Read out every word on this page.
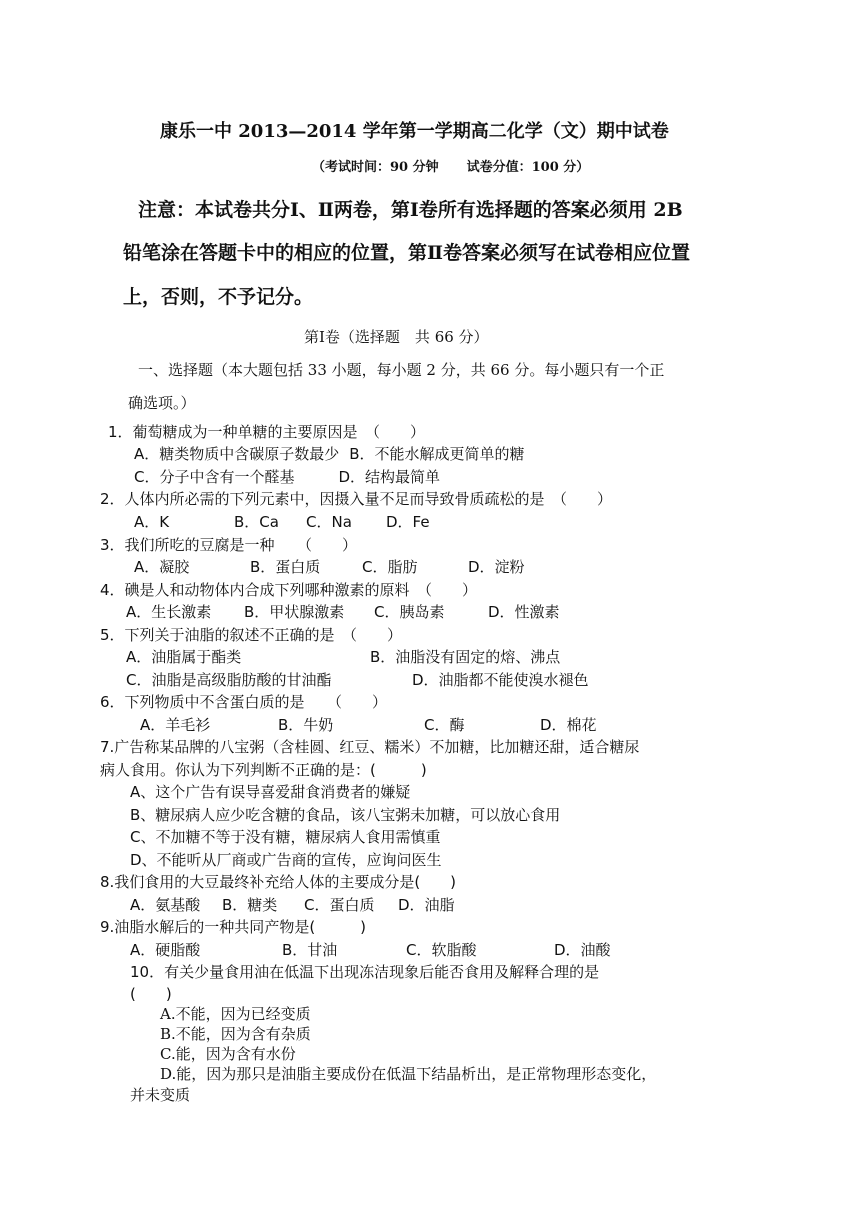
康乐一中 2013—2014 学年第一学期高二化学（文）期中试卷
（考试时间：90 分钟 试卷分值：100 分）
注意：本试卷共分Ⅰ、Ⅱ两卷，第Ⅰ卷所有选择题的答案必须用 2B
铅笔涂在答题卡中的相应的位置，第Ⅱ卷答案必须写在试卷相应位置
上，否则，不予记分。
第Ⅰ卷（选择题　共 66 分）
一、选择题（本大题包括 33 小题，每小题 2 分，共 66 分。每小题只有一个正
确选项。）
1．葡萄糖成为一种单糖的主要原因是　（　　）
A．糖类物质中含碳原子数最少 B．不能水解成更简单的糖
C．分子中含有一个醛基	D．结构最简单
2．人体内所必需的下列元素中，因摄入量不足而导致骨质疏松的是　（　　）
A．K	B．Ca C．Na D．Fe
3．我们所吃的豆腐是一种　　（　　）
A．凝胶	B．蛋白质	C．脂肪	D．淀粉
4．碘是人和动物体内合成下列哪种激素的原料　（　　）
A．生长激素 B．甲状腺激素 C．胰岛素	D．性激素
5．下列关于油脂的叙述不正确的是　（　　）
A．油脂属于酯类	B．油脂没有固定的熔、沸点
C．油脂是高级脂肪酸的甘油酯	D．油脂都不能使溴水褪色
6．下列物质中不含蛋白质的是　　（　　）
A．羊毛衫	B．牛奶	C．酶	D．棉花
7.广告称某品牌的八宝粥（含桂圆、红豆、糯米）不加糖，比加糖还甜，适合糖尿
病人食用。你认为下列判断不正确的是：(　　　)
A、这个广告有误导喜爱甜食消费者的嫌疑
B、糖尿病人应少吃含糖的食品，该八宝粥未加糖，可以放心食用
C、不加糖不等于没有糖，糖尿病人食用需慎重
D、不能听从厂商或广告商的宣传，应询问医生
8.我们食用的大豆最终补充给人体的主要成分是(　　)
A．氨基酸 B．糖类 C．蛋白质 D．油脂
9.油脂水解后的一种共同产物是(　　　)
A．硬脂酸	B．甘油	C．软脂酸	D．油酸
10．有关少量食用油在低温下出现冻洁现象后能否食用及解释合理的是
(　　)
A.不能，因为已经变质
B.不能，因为含有杂质
C.能，因为含有水份
D.能，因为那只是油脂主要成份在低温下结晶析出，是正常物理形态变化，
并未变质
